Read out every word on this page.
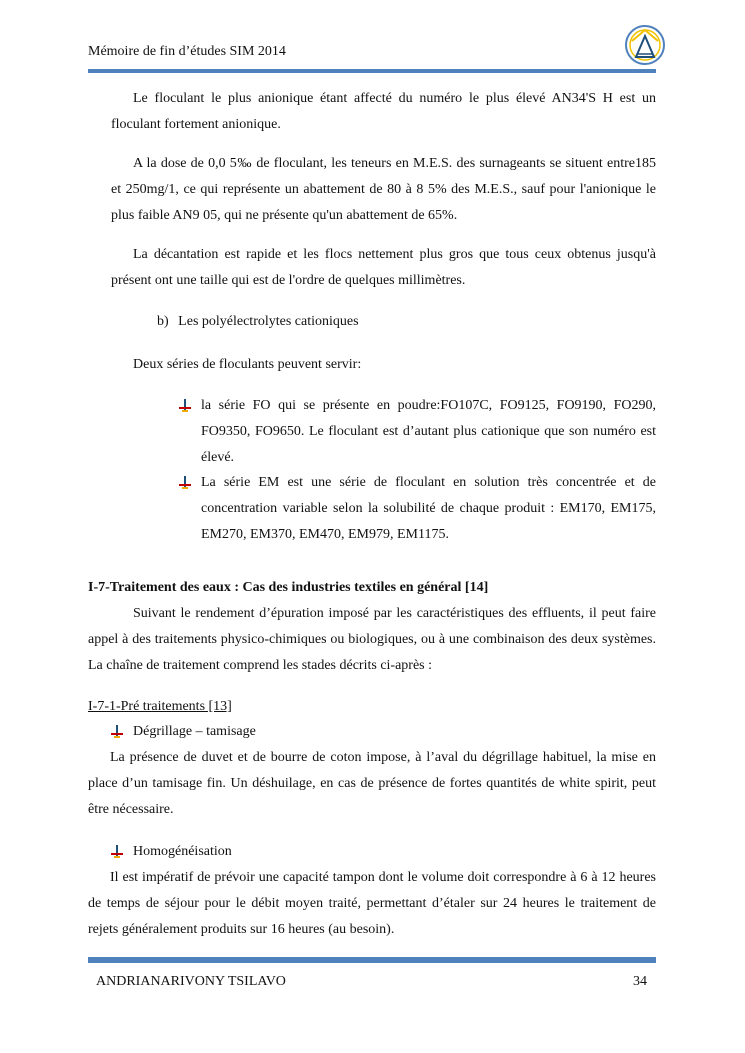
Mémoire de fin d’études SIM 2014

Le floculant le plus anionique étant affecté du numéro le plus élevé AN34'S H est un floculant fortement anionique.

A la dose de 0,0 5‰ de floculant, les teneurs en M.E.S. des surnageants se situent entre185 et 250mg/1, ce qui représente un abattement de 80 à 8 5% des M.E.S., sauf pour l'anionique le plus faible AN9 05, qui ne présente qu'un abattement de 65%.

La décantation est rapide et les flocs nettement plus gros que tous ceux obtenus jusqu'à présent ont une taille qui est de l'ordre de quelques millimètres.

b) Les polyélectrolytes cationiques

Deux séries de floculants peuvent servir:

la série FO qui se présente en poudre:FO107C, FO9125, FO9190, FO290, FO9350, FO9650. Le floculant est d’autant plus cationique que son numéro est élevé.

La série EM est une série de floculant en solution très concentrée et de concentration variable selon la solubilité de chaque produit : EM170, EM175, EM270, EM370, EM470, EM979, EM1175.

I-7-Traitement des eaux : Cas des industries textiles en général [14]

Suivant le rendement d’épuration imposé par les caractéristiques des effluents, il peut faire appel à des traitements physico-chimiques ou biologiques, ou à une combinaison des deux systèmes. La chaîne de traitement comprend les stades décrits ci-après :

I-7-1-Pré traitements [13]
Dégrillage – tamisage

La présence de duvet et de bourre de coton impose, à l’aval du dégrillage habituel, la mise en place d’un tamisage fin. Un déshuilage, en cas de présence de fortes quantités de white spirit, peut être nécessaire.

Homogénéisation

Il est impératif de prévoir une capacité tampon dont le volume doit correspondre à 6 à 12 heures de temps de séjour pour le débit moyen traité, permettant d’étaler sur 24 heures le traitement de rejets généralement produits sur 16 heures (au besoin).

ANDRIANARIVONY TSILAVO	34
